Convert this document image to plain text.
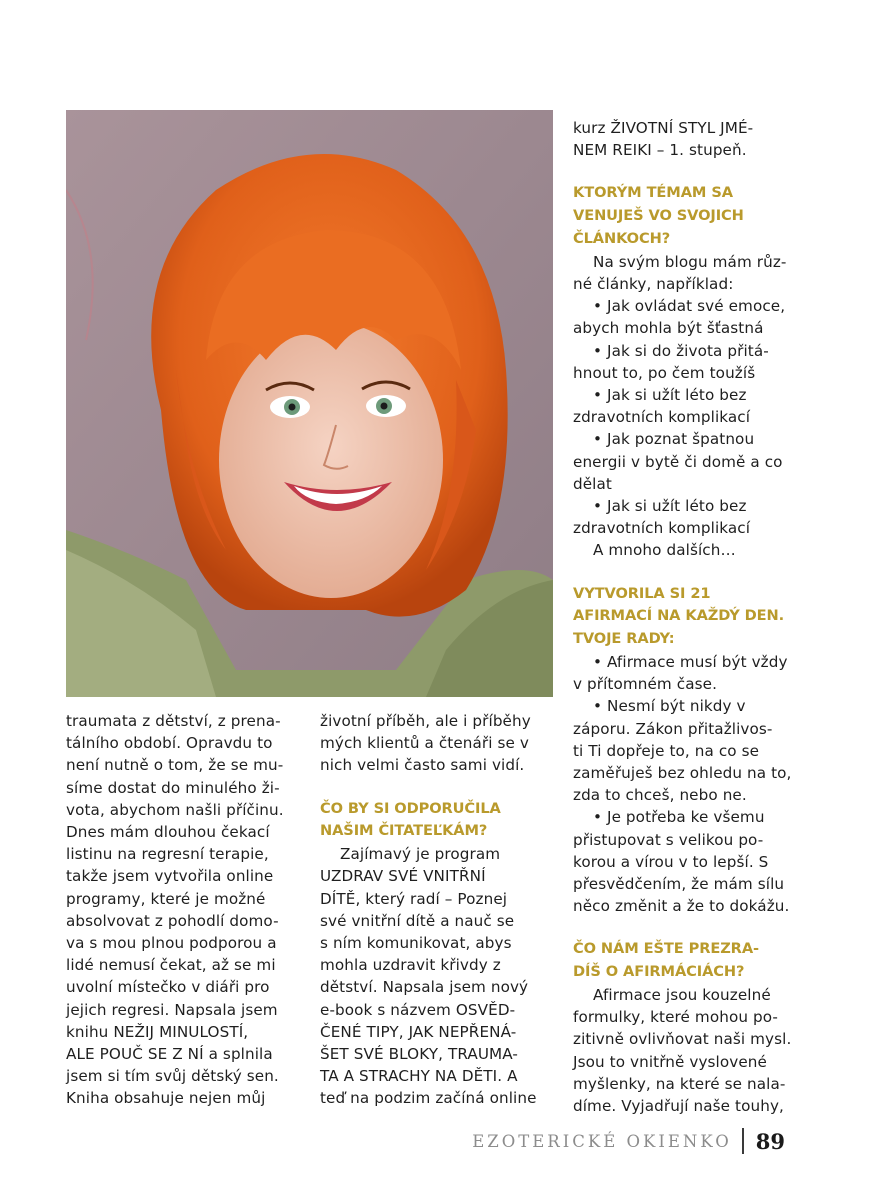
traumata z dětství, z prena-

tálního období. Opravdu to

není nutně o tom, že se mu-

síme dostat do minulého ži-

vota, abychom našli příčinu.

Dnes mám dlouhou čekací

listinu na regresní terapie,

takže jsem vytvořila online

programy, které je možné

absolvovat z pohodlí domo-

va s mou plnou podporou a

lidé nemusí čekat, až se mi

uvolní místečko v diáři pro

jejich regresi. Napsala jsem

knihu NEŽIJ MINULOSTÍ,

ALE POUČ SE Z NÍ a splnila

jsem si tím svůj dětský sen.

Kniha obsahuje nejen můj

životní příběh, ale i příběhy

mých klientů a čtenáři se v

nich velmi často sami vidí.

ČO BY SI ODPORUČILA

NAŠIM ČITATEĽKÁM?

Zajímavý je program

UZDRAV SVÉ VNITŘNÍ

DÍTĚ, který radí – Poznej

své vnitřní dítě a nauč se

s ním komunikovat, abys

mohla uzdravit křivdy z

dětství. Napsala jsem nový

e-book s názvem OSVĚD-

ČENÉ TIPY, JAK NEPŘENÁ-

ŠET SVÉ BLOKY, TRAUMA-

TA A STRACHY NA DĚTI. A

teď na podzim začíná online

kurz ŽIVOTNÍ STYL JMÉ-

NEM REIKI – 1. stupeň.

KTORÝM TÉMAM SA

VENUJEŠ VO SVOJICH

ČLÁNKOCH?

Na svým blogu mám růz-

né články, například:

• Jak ovládat své emoce,

abych mohla být šťastná

• Jak si do života přitá-

hnout to, po čem toužíš

• Jak si užít léto bez

zdravotních komplikací

• Jak poznat špatnou

energii v bytě či domě a co

dělat

• Jak si užít léto bez

zdravotních komplikací

A mnoho dalších…

VYTVORILA SI 21

AFIRMACÍ NA KAŽDÝ DEN.

TVOJE RADY:

• Afirmace musí být vždy

v přítomném čase.

• Nesmí být nikdy v

záporu. Zákon přitažlivos-

ti Ti dopřeje to, na co se

zaměřuješ bez ohledu na to,

zda to chceš, nebo ne.

• Je potřeba ke všemu

přistupovat s velikou po-

korou a vírou v to lepší. S

přesvědčením, že mám sílu

něco změnit a že to dokážu.

ČO NÁM EŠTE PREZRA-

DÍŠ O AFIRMÁCIÁCH?

Afirmace jsou kouzelné

formulky, které mohou po-

zitivně ovlivňovat naši mysl.

Jsou to vnitřně vyslovené

myšlenky, na které se nala-

díme. Vyjadřují naše touhy,

EZOTERICKÉ OKIENKO 89
